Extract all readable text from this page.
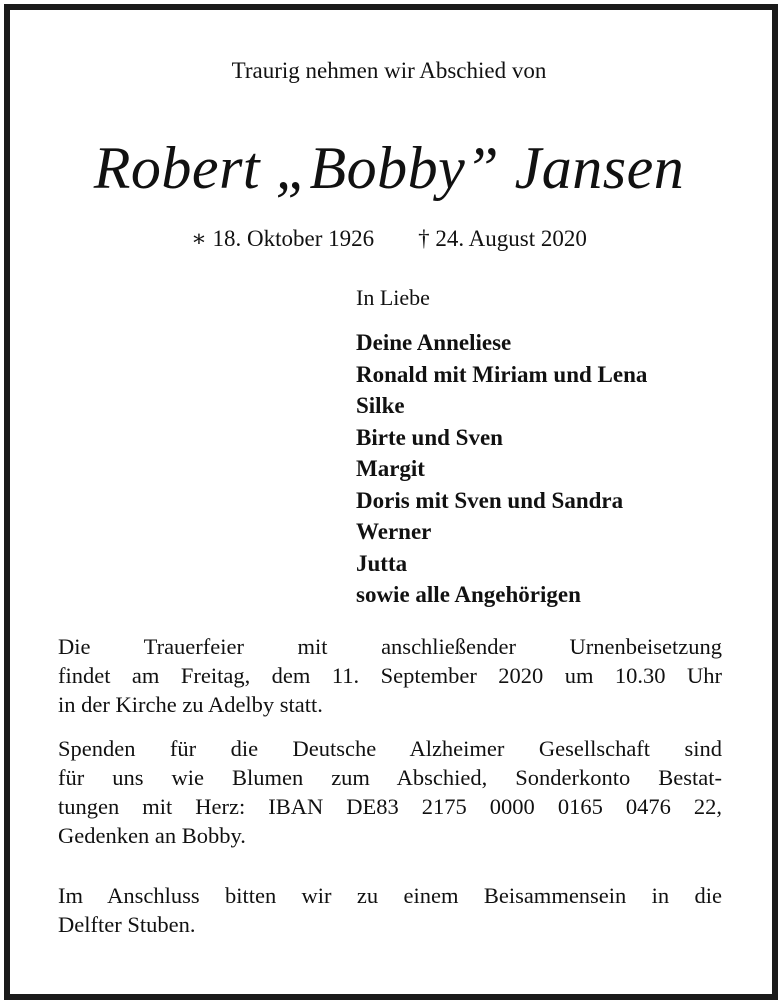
Traurig nehmen wir Abschied von
Robert „Bobby” Jansen
∗ 18. Oktober 1926 † 24. August 2020
In Liebe
Deine Anneliese
Ronald mit Miriam und Lena
Silke
Birte und Sven
Margit
Doris mit Sven und Sandra
Werner
Jutta
sowie alle Angehörigen
Die Trauerfeier mit anschließender Urnenbeisetzung
findet am Freitag, dem 11. September 2020 um 10.30 Uhr
in der Kirche zu Adelby statt.
Spenden für die Deutsche Alzheimer Gesellschaft sind
für uns wie Blumen zum Abschied, Sonderkonto Bestat-
tungen mit Herz: IBAN DE83 2175 0000 0165 0476 22,
Gedenken an Bobby.
Im Anschluss bitten wir zu einem Beisammensein in die
Delfter Stuben.
